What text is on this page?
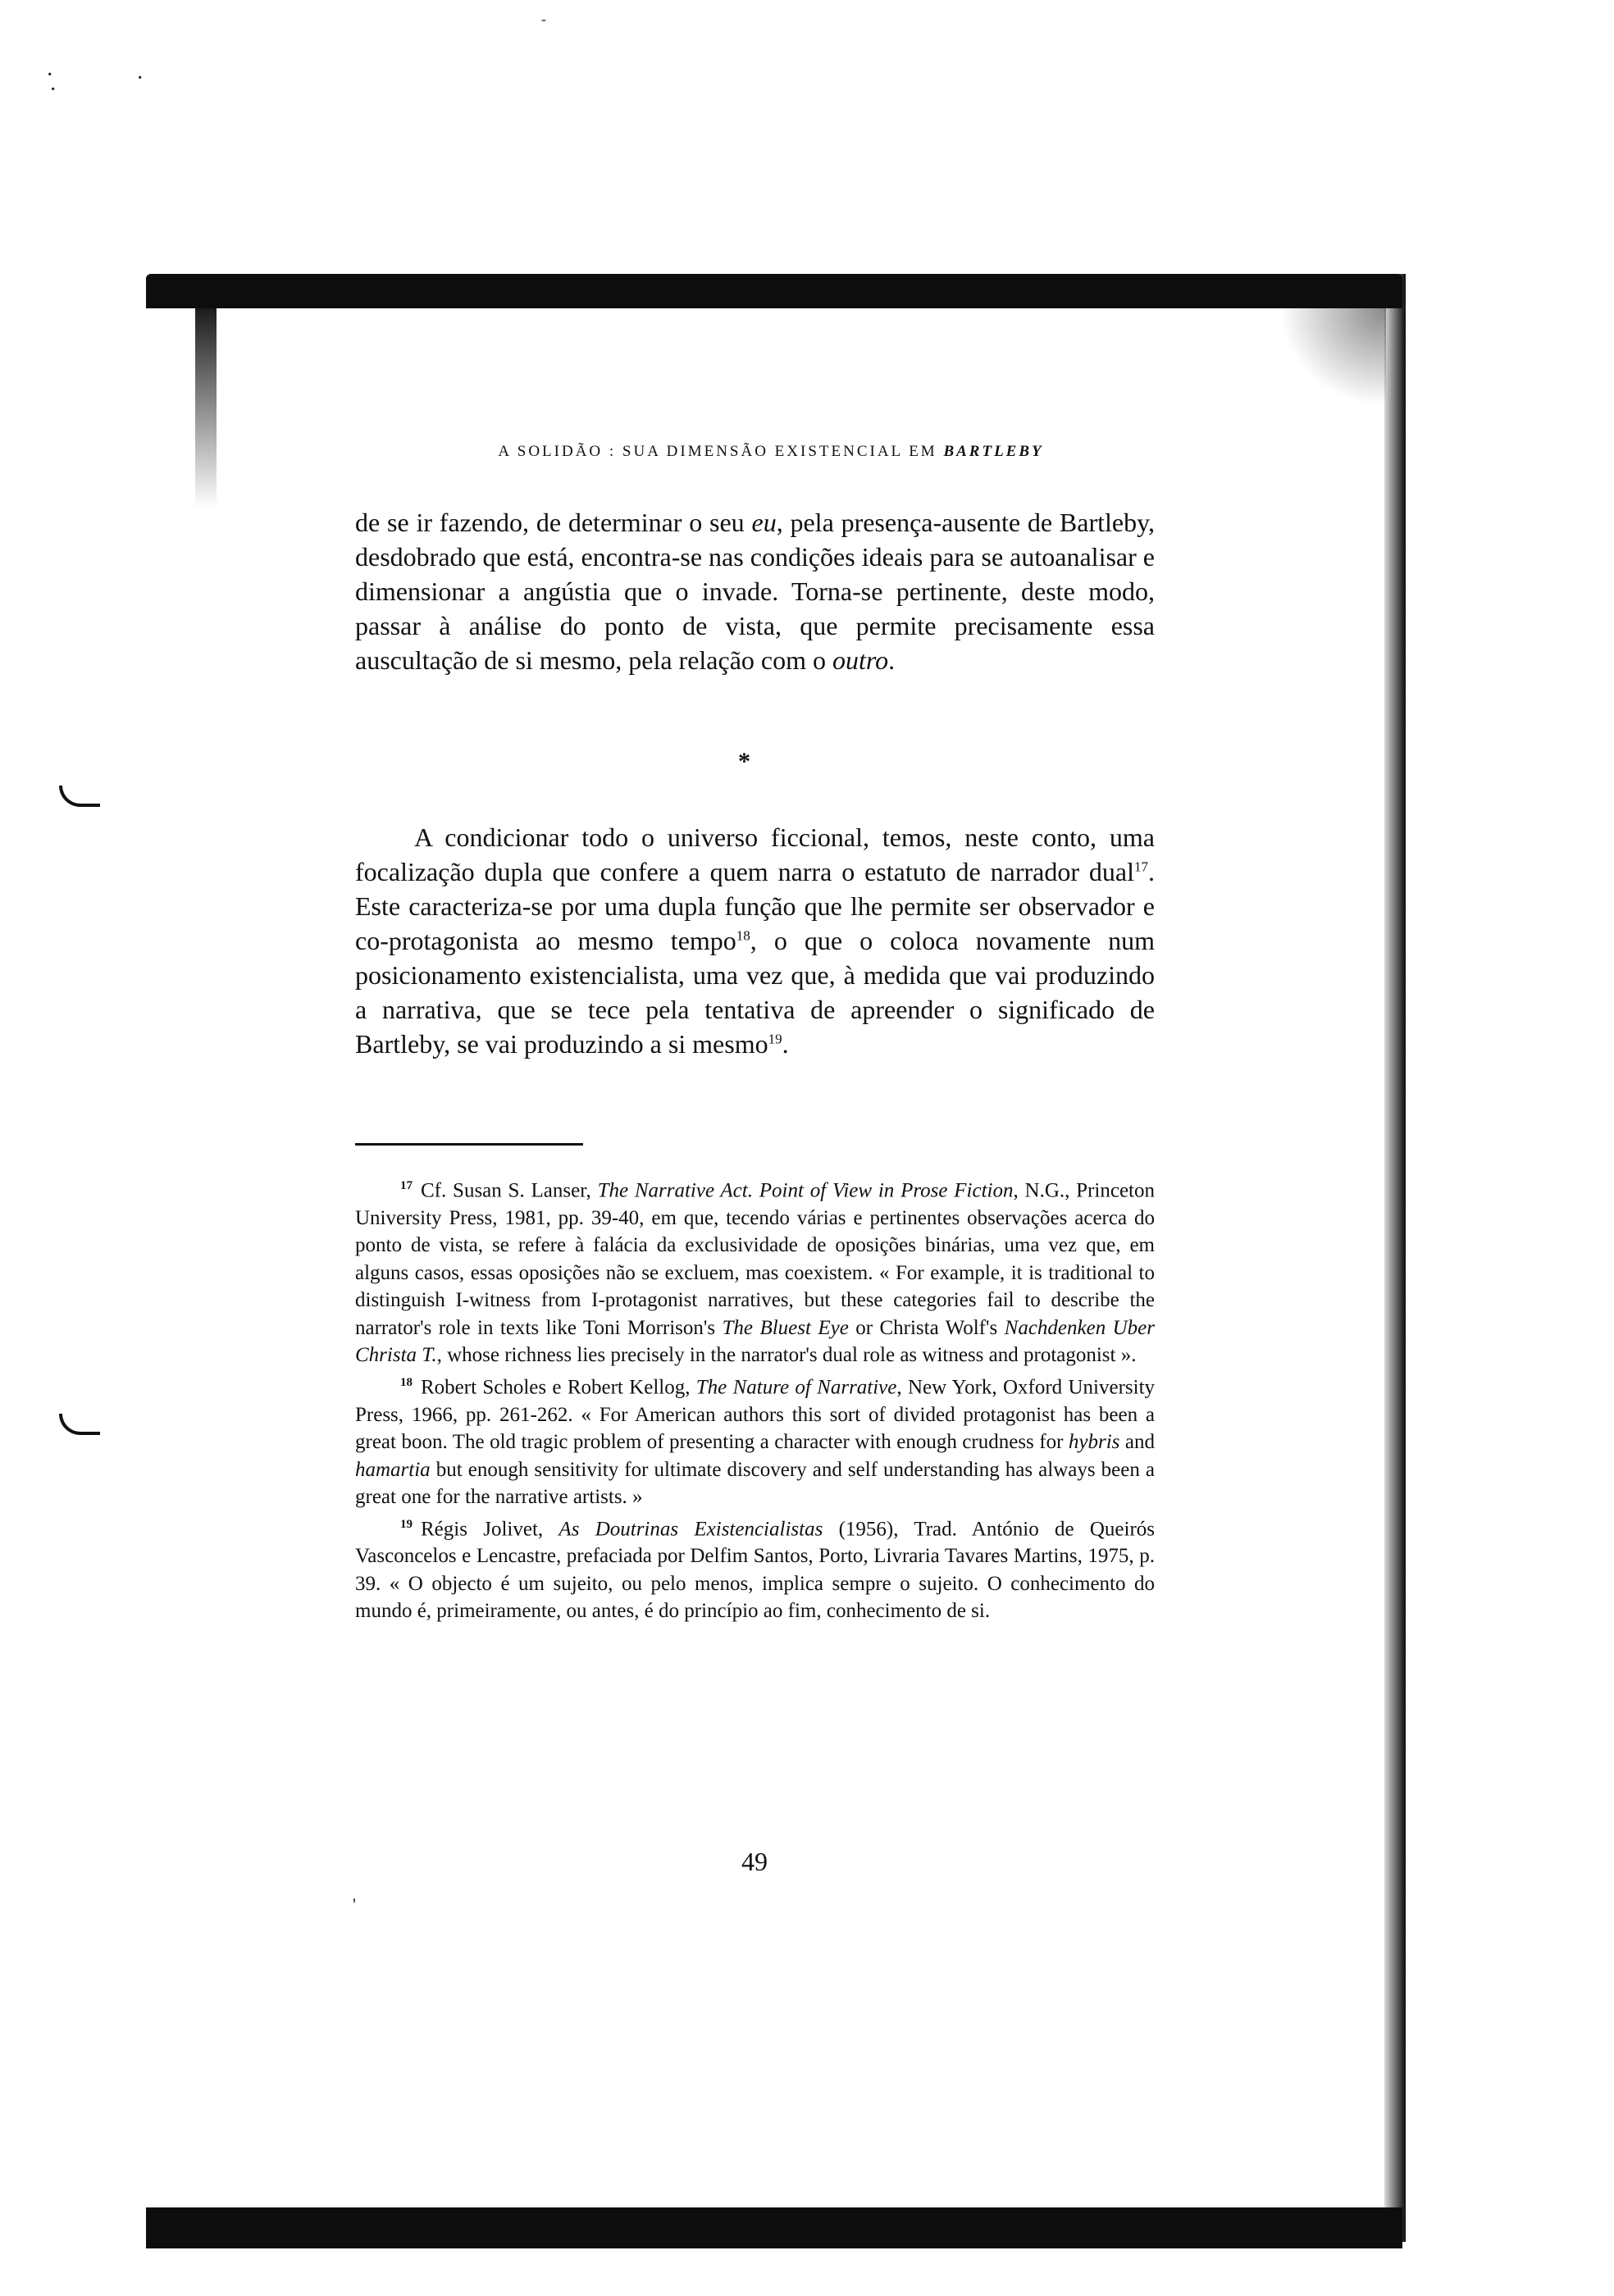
·
·	·
-
'
A SOLIDÃO : SUA DIMENSÃO EXISTENCIAL EM BARTLEBY

de se ir fazendo, de determinar o seu eu, pela presença-ausente de Bartleby, desdobrado que está, encontra-se nas condições ideais para se autoanalisar e dimensionar a angústia que o invade. Torna-se pertinente, deste modo, passar à análise do ponto de vista, que permite precisamente essa auscultação de si mesmo, pela relação com o outro.

*

A condicionar todo o universo ficcional, temos, neste conto, uma focalização dupla que confere a quem narra o estatuto de narrador dual$^{17}$. Este caracteriza-se por uma dupla função que lhe permite ser observador e co-protagonista ao mesmo tempo$^{18}$, o que o coloca novamente num posicionamento existencialista, uma vez que, à medida que vai produzindo a narrativa, que se tece pela tentativa de apreender o significado de Bartleby, se vai produzindo a si mesmo$^{19}$.

$^{17}$ Cf. Susan S. Lanser, The Narrative Act. Point of View in Prose Fiction, N.G., Princeton University Press, 1981, pp. 39-40, em que, tecendo várias e pertinentes observações acerca do ponto de vista, se refere à falácia da exclusividade de oposições binárias, uma vez que, em alguns casos, essas oposições não se excluem, mas coexistem. « For example, it is traditional to distinguish I-witness from I-protagonist narratives, but these categories fail to describe the narrator's role in texts like Toni Morrison's The Bluest Eye or Christa Wolf's Nachdenken Uber Christa T., whose richness lies precisely in the narrator's dual role as witness and protagonist ».

$^{18}$ Robert Scholes e Robert Kellog, The Nature of Narrative, New York, Oxford University Press, 1966, pp. 261-262. « For American authors this sort of divided protagonist has been a great boon. The old tragic problem of presenting a character with enough crudness for hybris and hamartia but enough sensitivity for ultimate discovery and self understanding has always been a great one for the narrative artists. »

$^{19}$ Régis Jolivet, As Doutrinas Existencialistas (1956), Trad. António de Queirós Vasconcelos e Lencastre, prefaciada por Delfim Santos, Porto, Livraria Tavares Martins, 1975, p. 39. « O objecto é um sujeito, ou pelo menos, implica sempre o sujeito. O conhecimento do mundo é, primeiramente, ou antes, é do princípio ao fim, conhecimento de si.

49
